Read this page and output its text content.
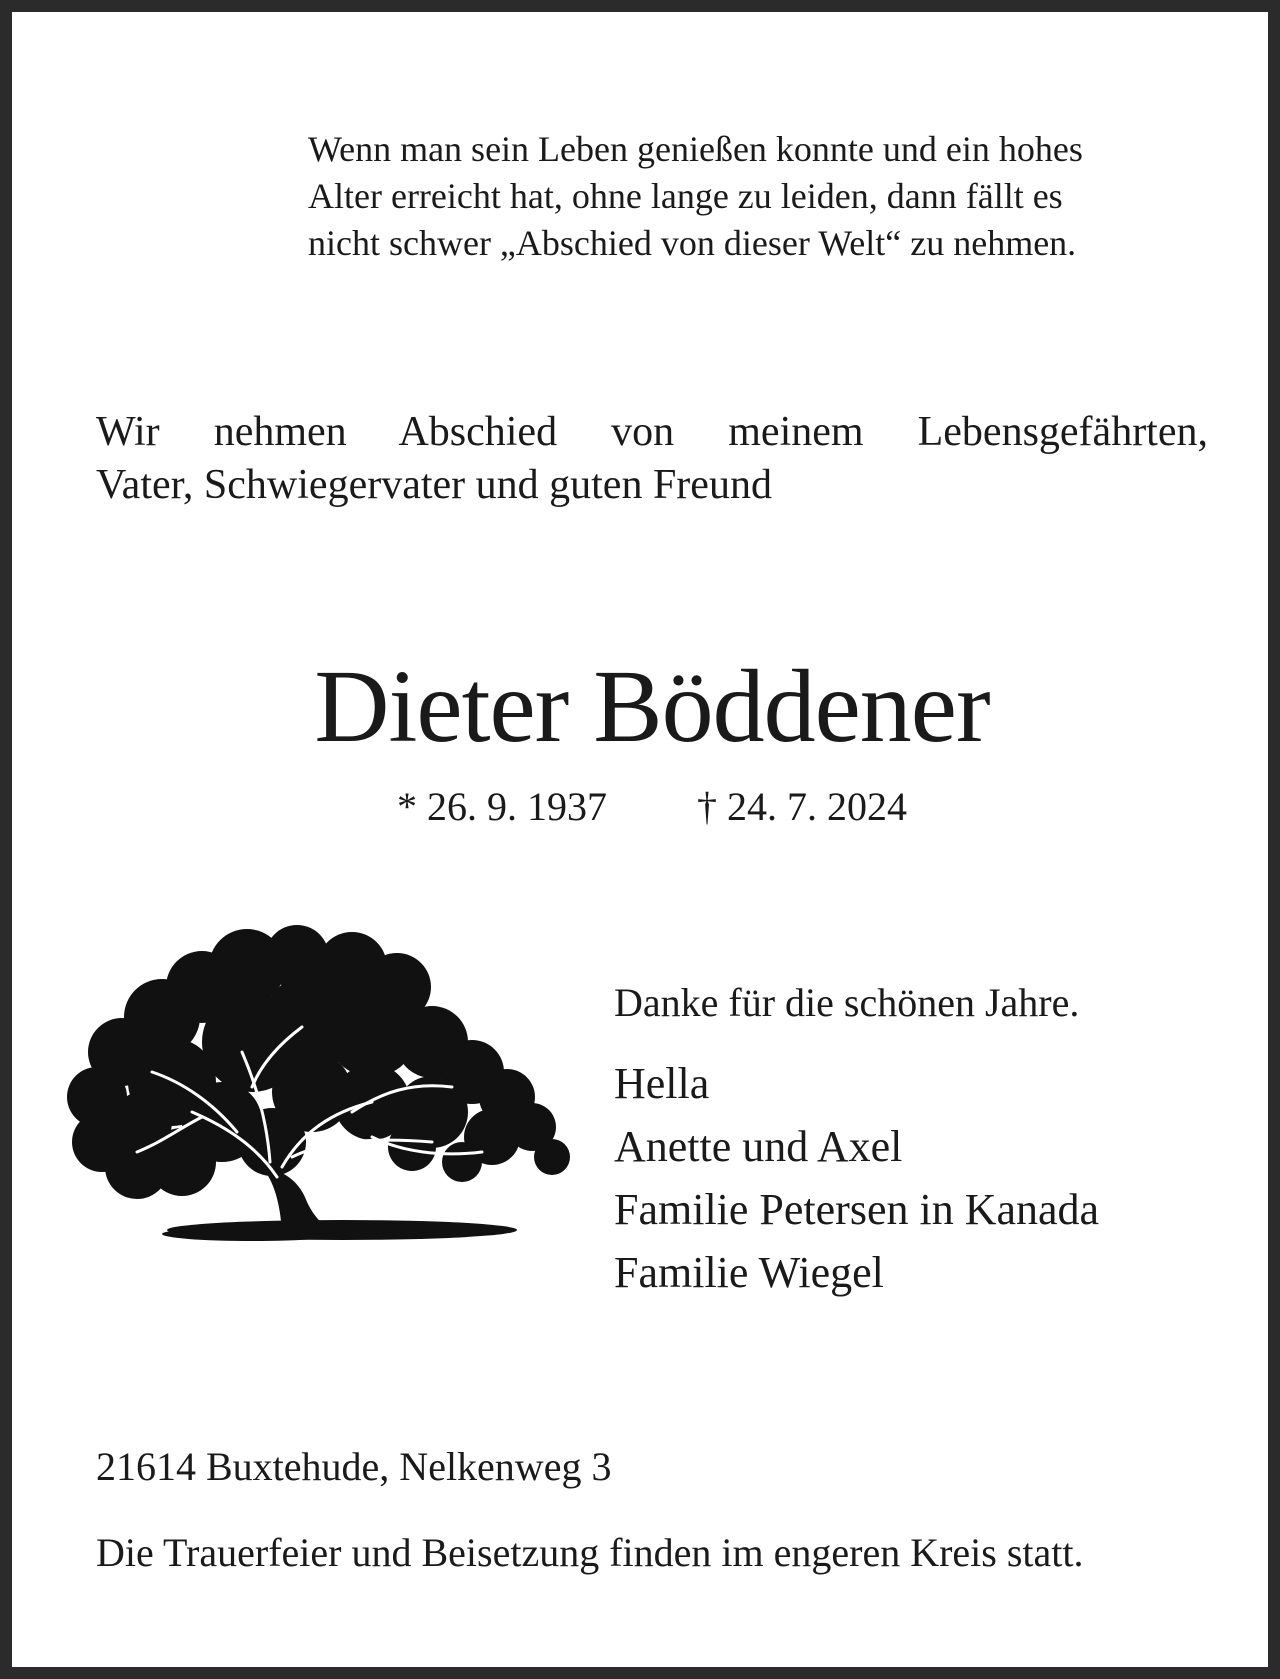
Wenn man sein Leben genießen konnte und ein hohes
Alter erreicht hat, ohne lange zu leiden, dann fällt es
nicht schwer „Abschied von dieser Welt“ zu nehmen.

Wir nehmen Abschied von meinem Lebensgefährten,
Vater, Schwiegervater und guten Freund

Dieter Böddener
* 26. 9. 1937 † 24. 7. 2024
Danke für die schönen Jahre.
Hella
Anette und Axel
Familie Petersen in Kanada
Familie Wiegel
21614 Buxtehude, Nelkenweg 3
Die Trauerfeier und Beisetzung finden im engeren Kreis statt.
